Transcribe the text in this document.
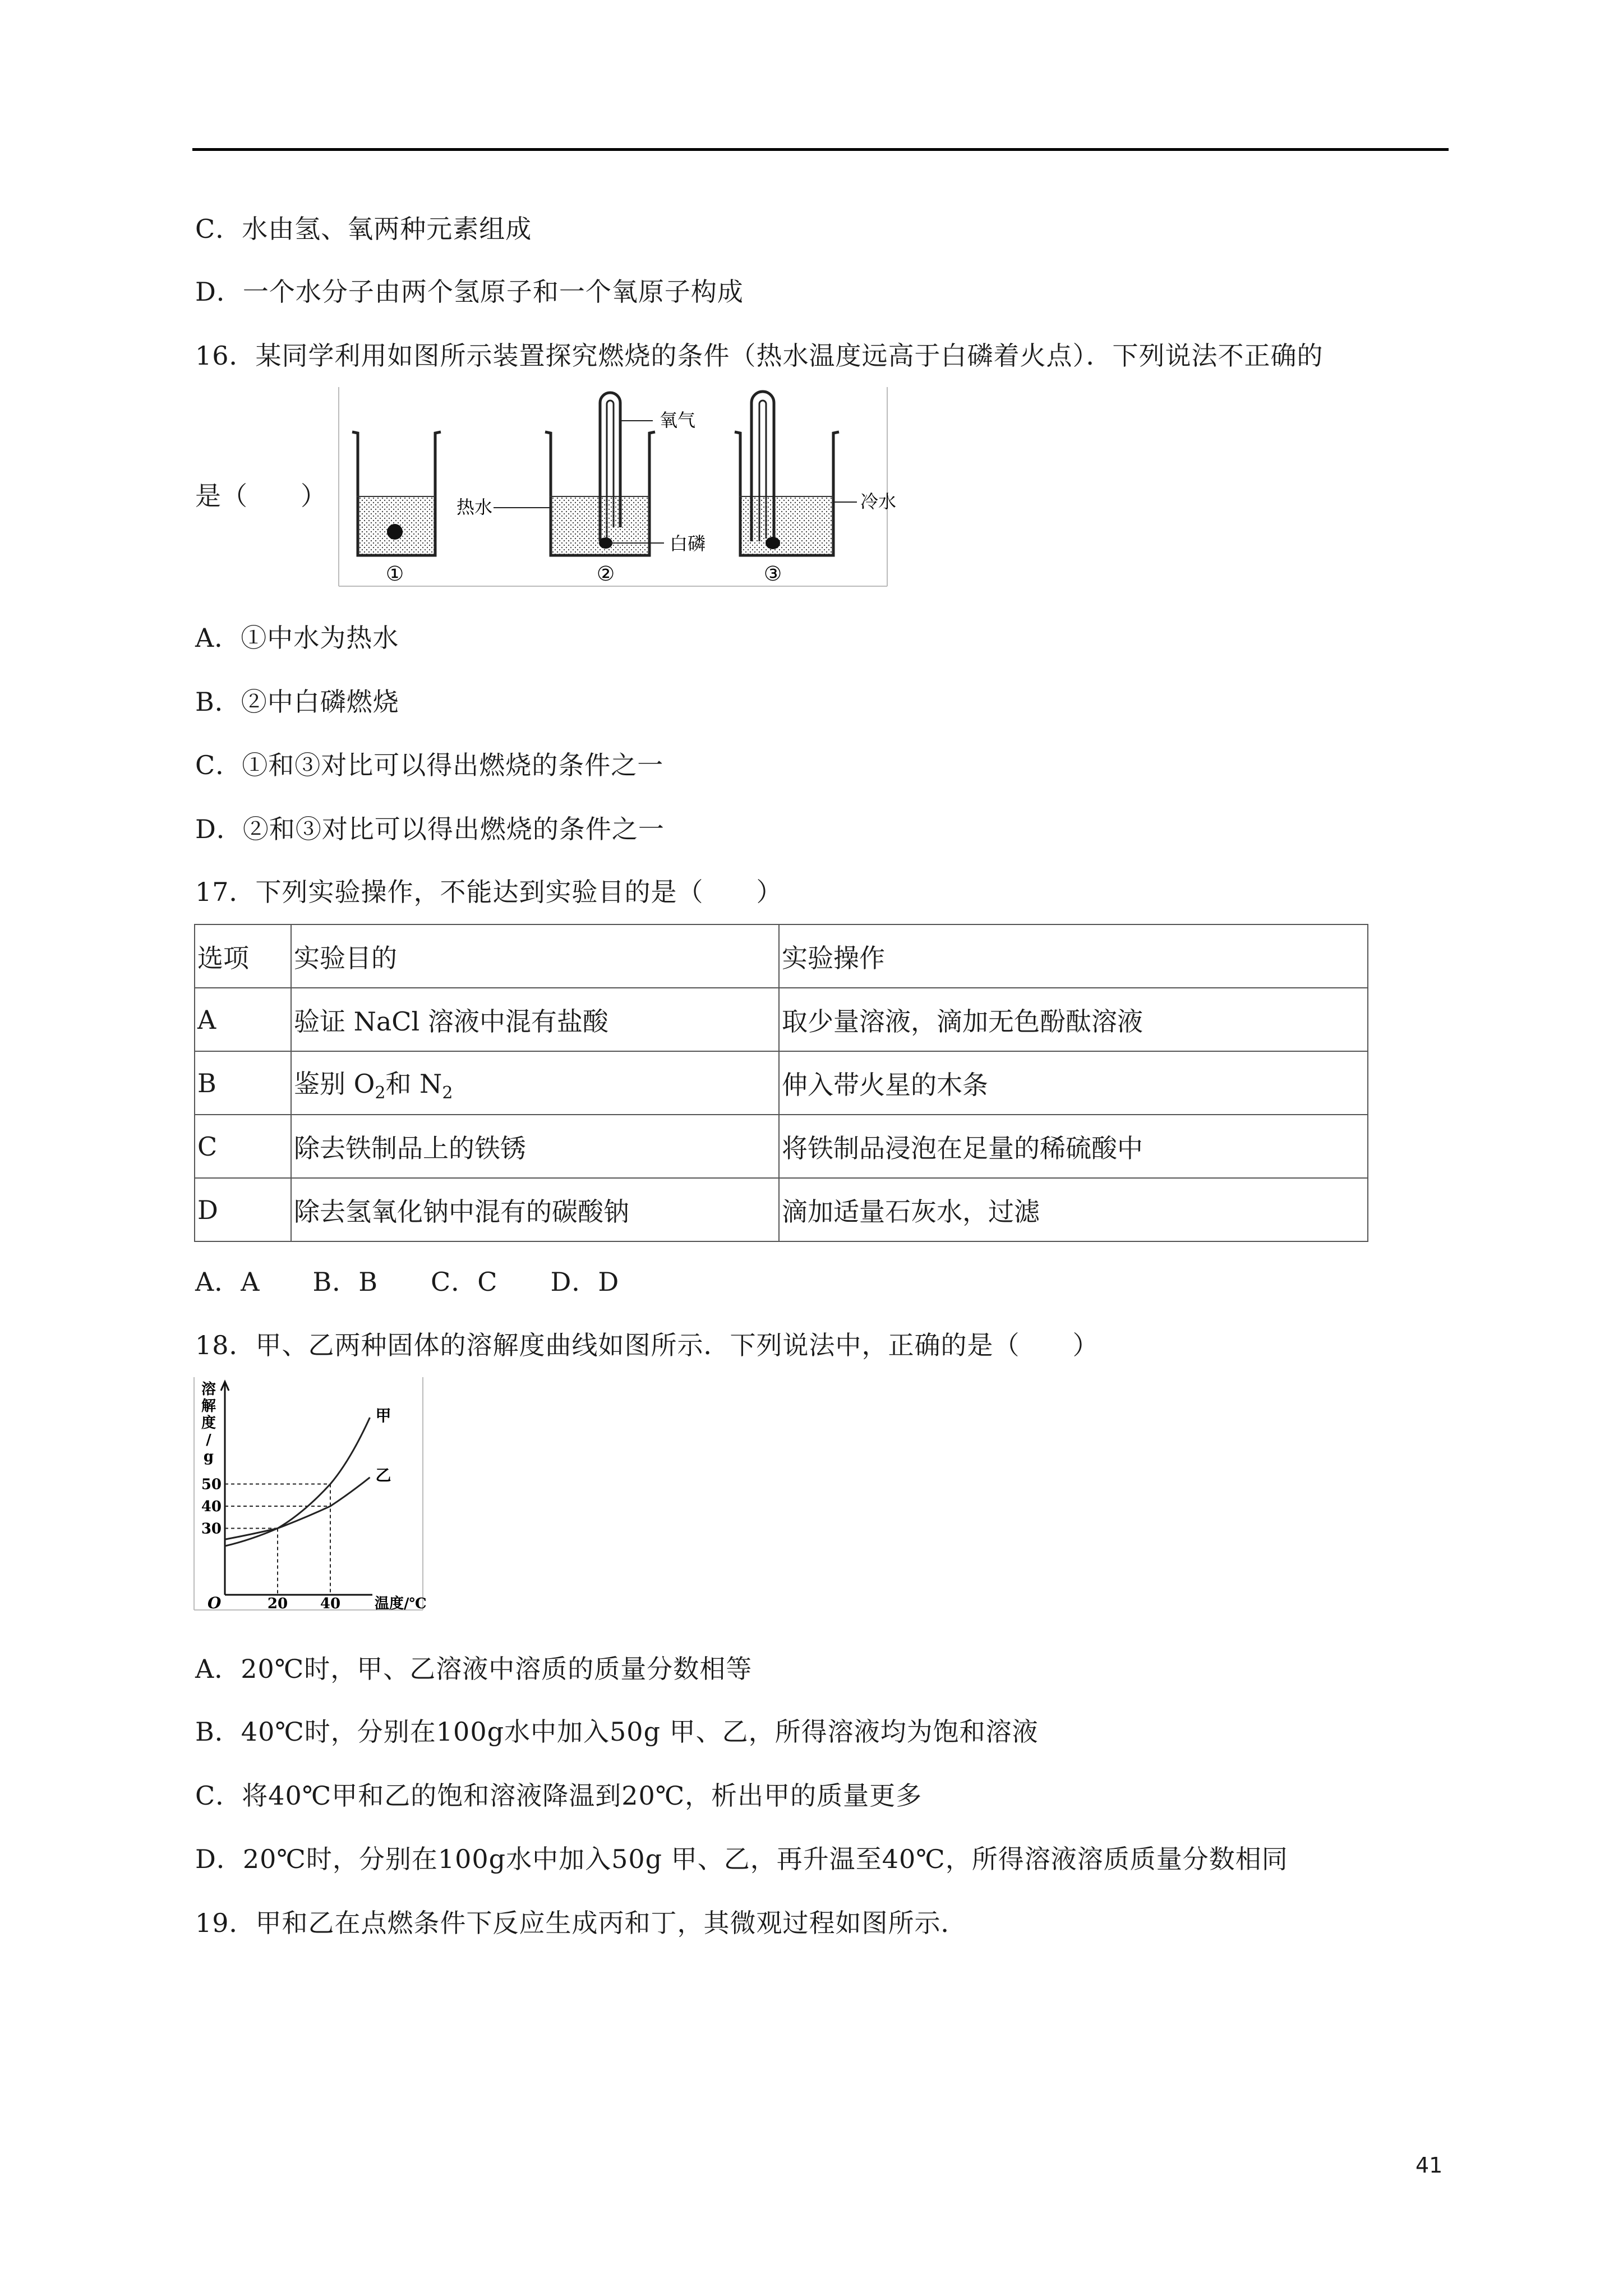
C．水由氢、氧两种元素组成
D．一个水分子由两个氢原子和一个氧原子构成
16．某同学利用如图所示装置探究燃烧的条件（热水温度远高于白磷着火点）．下列说法不正确的
氧气
热水
白磷
冷水
①	②	③
是（　　）
A．①中水为热水
B．②中白磷燃烧
C．①和③对比可以得出燃烧的条件之一
D．②和③对比可以得出燃烧的条件之一
17．下列实验操作，不能达到实验目的是（　　）
选项	实验目的	实验操作
A	验证 NaCl 溶液中混有盐酸	取少量溶液，滴加无色酚酞溶液
B	鉴别 $O_2$和 $N_2$	伸入带火星的木条
C	除去铁制品上的铁锈	将铁制品浸泡在足量的稀硫酸中
D	除去氢氧化钠中混有的碳酸钠	滴加适量石灰水，过滤
A．A　　B．B　　C．C　　D．D
18．甲、乙两种固体的溶解度曲线如图所示．下列说法中，正确的是（　　）
溶
解
度
/
g
温度/℃
O
30
40
50
20 40
甲
乙
A．20℃时，甲、乙溶液中溶质的质量分数相等
B．40℃时，分别在100g水中加入50g 甲、乙，所得溶液均为饱和溶液
C．将40℃甲和乙的饱和溶液降温到20℃，析出甲的质量更多
D．20℃时，分别在100g水中加入50g 甲、乙，再升温至40℃，所得溶液溶质质量分数相同
19．甲和乙在点燃条件下反应生成丙和丁，其微观过程如图所示．
41
